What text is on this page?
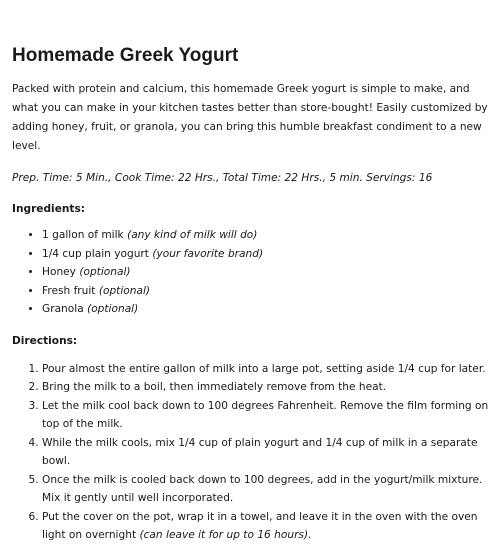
Homemade Greek Yogurt

Packed with protein and calcium, this homemade Greek yogurt is simple to make, and what you can make in your kitchen tastes better than store-bought! Easily customized by adding honey, fruit, or granola, you can bring this humble breakfast condiment to a new level.

Prep. Time: 5 Min., Cook Time: 22 Hrs., Total Time: 22 Hrs., 5 min. Servings: 16

Ingredients:
• 1 gallon of milk (any kind of milk will do)
• 1/4 cup plain yogurt (your favorite brand)
• Honey (optional)
• Fresh fruit (optional)
• Granola (optional)
Directions:
1. Pour almost the entire gallon of milk into a large pot, setting aside 1/4 cup for later.
2. Bring the milk to a boil, then immediately remove from the heat.
3. Let the milk cool back down to 100 degrees Fahrenheit. Remove the film forming on top of the milk.
4. While the milk cools, mix 1/4 cup of plain yogurt and 1/4 cup of milk in a separate bowl.
5. Once the milk is cooled back down to 100 degrees, add in the yogurt/milk mixture. Mix it gently until well incorporated.
6. Put the cover on the pot, wrap it in a towel, and leave it in the oven with the oven light on overnight (can leave it for up to 16 hours).
